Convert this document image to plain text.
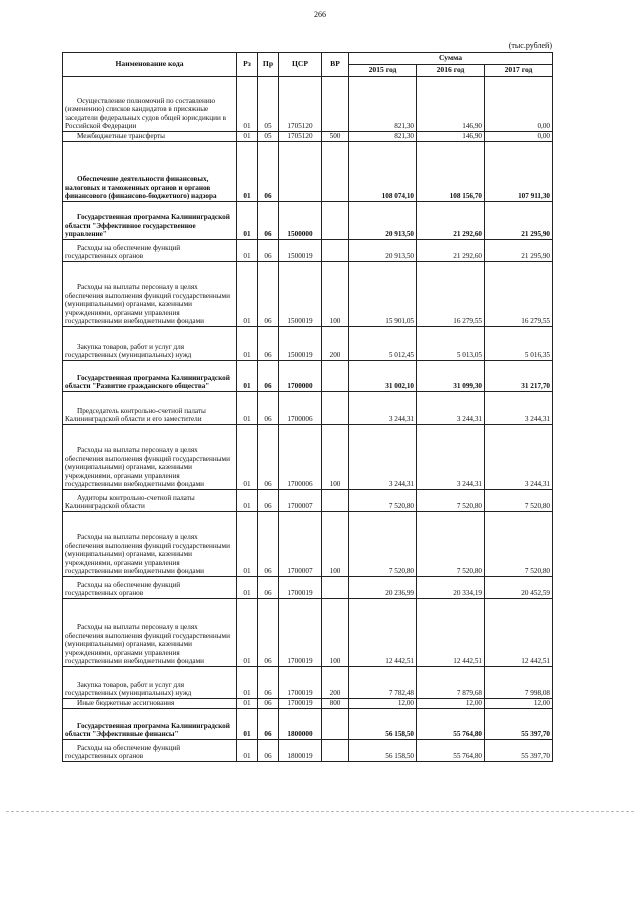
266
(тыс.рублей)
Наименование кода	Рз	Пр	ЦСР	ВР	Сумма		
					2015 год	2016 год	2017 год
Осуществление полномочий по составлению (изменению) списков кандидатов в присяжные заседатели федеральных судов общей юрисдикции в Российской Федерации	01	05	1705120		821,30	146,90	0,00
Межбюджетные трансферты	01	05	1705120	500	821,30	146,90	0,00
Обеспечение деятельности финансовых, налоговых и таможенных органов и органов финансового (финансово-бюджетного) надзора	01	06			108 074,10	108 156,70	107 911,30
Государственная программа Калининградской области "Эффективное государственное управление"	01	06	1500000		20 913,50	21 292,60	21 295,90
Расходы на обеспечение функций государственных органов	01	06	1500019		20 913,50	21 292,60	21 295,90
Расходы на выплаты персоналу в целях обеспечения выполнения функций государственными (муниципальными) органами, казенными учреждениями, органами управления государственными внебюджетными фондами	01	06	1500019	100	15 901,05	16 279,55	16 279,55
Закупка товаров, работ и услуг для государственных (муниципальных) нужд	01	06	1500019	200	5 012,45	5 013,05	5 016,35
Государственная программа Калининградской области "Развитие гражданского общества"	01	06	1700000		31 002,10	31 099,30	31 217,70
Председатель контрольно-счетной палаты Калининградской области и его заместители	01	06	1700006		3 244,31	3 244,31	3 244,31
Расходы на выплаты персоналу в целях обеспечения выполнения функций государственными (муниципальными) органами, казенными учреждениями, органами управления государственными внебюджетными фондами	01	06	1700006	100	3 244,31	3 244,31	3 244,31
Аудиторы контрольно-счетной палаты Калининградской области	01	06	1700007		7 520,80	7 520,80	7 520,80
Расходы на выплаты персоналу в целях обеспечения выполнения функций государственными (муниципальными) органами, казенными учреждениями, органами управления государственными внебюджетными фондами	01	06	1700007	100	7 520,80	7 520,80	7 520,80
Расходы на обеспечение функций государственных органов	01	06	1700019		20 236,99	20 334,19	20 452,59
Расходы на выплаты персоналу в целях обеспечения выполнения функций государственными (муниципальными) органами, казенными учреждениями, органами управления государственными внебюджетными фондами	01	06	1700019	100	12 442,51	12 442,51	12 442,51
Закупка товаров, работ и услуг для государственных (муниципальных) нужд	01	06	1700019	200	7 782,48	7 879,68	7 998,08
Иные бюджетные ассигнования	01	06	1700019	800	12,00	12,00	12,00
Государственная программа Калининградской области "Эффективные финансы"	01	06	1800000		56 158,50	55 764,80	55 397,70
Расходы на обеспечение функций государственных органов	01	06	1800019		56 158,50	55 764,80	55 397,70
